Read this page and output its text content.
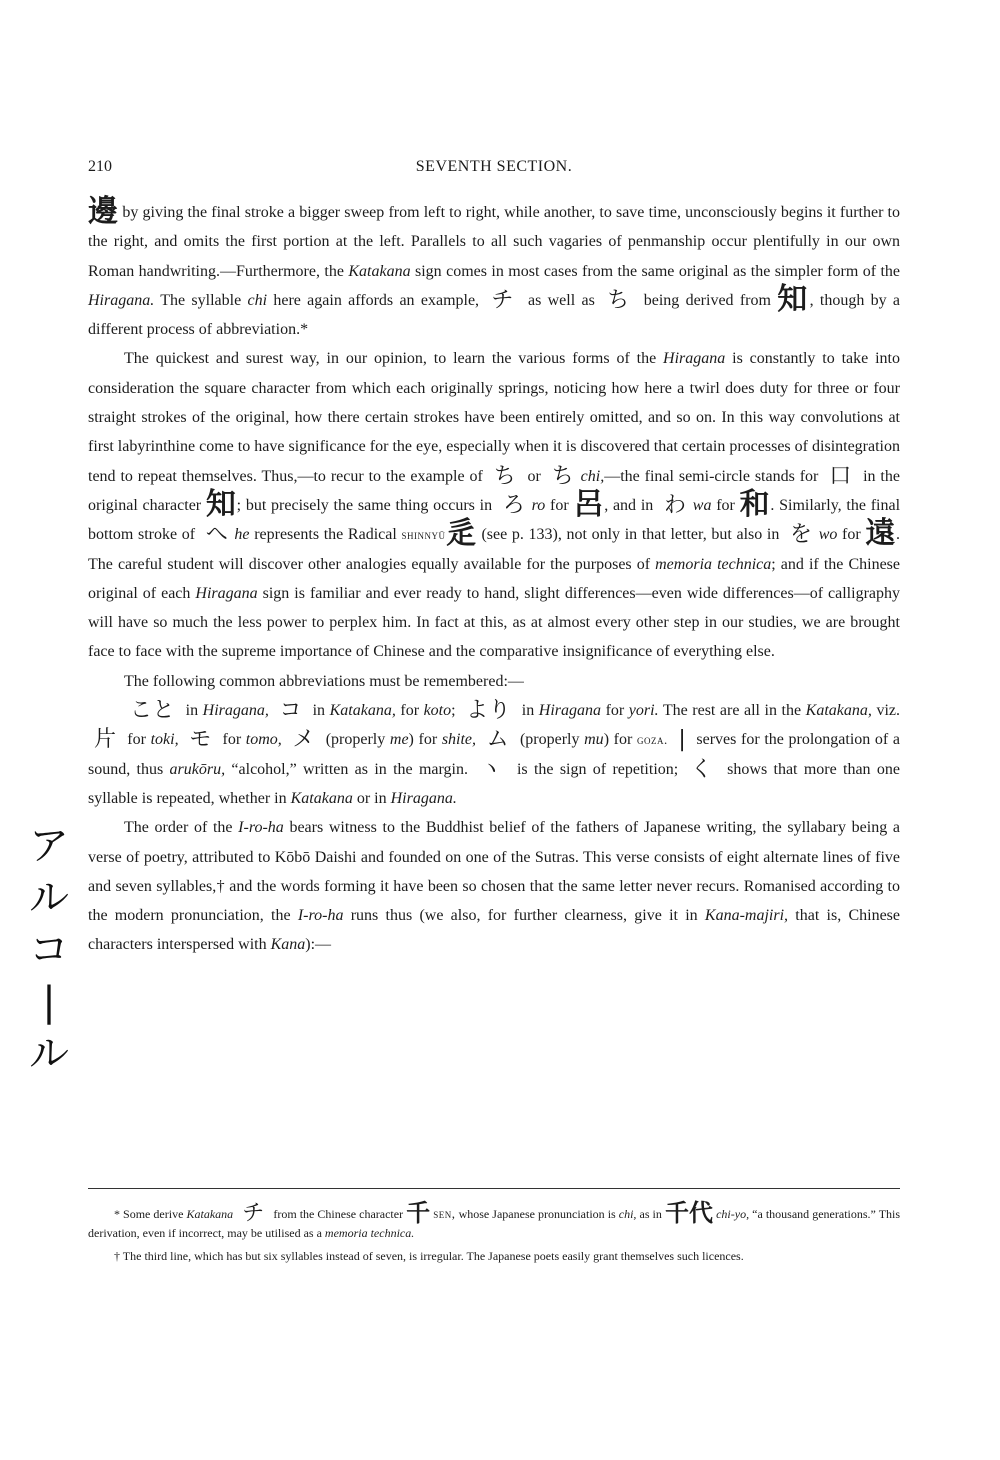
210	SEVENTH SECTION.
ア
ル
コ
|
ル

邊 by giving the final stroke a bigger sweep from left to right, while another, to save time, unconsciously begins it further to the right, and omits the first portion at the left. Parallels to all such vagaries of penmanship occur plentifully in our own Roman handwriting.—Furthermore, the Katakana sign comes in most cases from the same original as the simpler form of the Hiragana. The syllable chi here again affords an example, チ as well as ち being derived from 知, though by a different process of abbreviation.*

The quickest and surest way, in our opinion, to learn the various forms of the Hiragana is constantly to take into consideration the square character from which each originally springs, noticing how here a twirl does duty for three or four straight strokes of the original, how there certain strokes have been entirely omitted, and so on. In this way convolutions at first labyrinthine come to have significance for the eye, especially when it is discovered that certain processes of disintegration tend to repeat themselves. Thus,—to recur to the example of ち or ち chi,—the final semi-circle stands for 口 in the original character 知; but precisely the same thing occurs in ろ ro for 呂, and in わ wa for 和. Similarly, the final bottom stroke of へ he represents the Radical shinnyū辵 (see p. 133), not only in that letter, but also in を wo for 遠. The careful student will discover other analogies equally available for the purposes of memoria technica; and if the Chinese original of each Hiragana sign is familiar and ever ready to hand, slight differences—even wide differences—of calligraphy will have so much the less power to perplex him. In fact at this, as at almost every other step in our studies, we are brought face to face with the supreme importance of Chinese and the comparative insignificance of everything else.

The following common abbreviations must be remembered:—

こと in Hiragana, コ in Katakana, for koto; より in Hiragana for yori. The rest are all in the Katakana, viz. 片 for toki, モ for tomo, メ (properly me) for shite, ム (properly mu) for goza. | serves for the prolongation of a sound, thus arukōru, “alcohol,” written as in the margin. ヽ is the sign of repetition; く shows that more than one syllable is repeated, whether in Katakana or in Hiragana.

The order of the I-ro-ha bears witness to the Buddhist belief of the fathers of Japanese writing, the syllabary being a verse of poetry, attributed to Kōbō Daishi and founded on one of the Sutras. This verse consists of eight alternate lines of five and seven syllables,† and the words forming it have been so chosen that the same letter never recurs. Romanised according to the modern pronunciation, the I-ro-ha runs thus (we also, for further clearness, give it in Kana-majiri, that is, Chinese characters interspersed with Kana):—

* Some derive Katakana チ from the Chinese character 千 sen, whose Japanese pronunciation is chi, as in 千代 chi-yo, “a thousand generations.” This derivation, even if incorrect, may be utilised as a memoria technica.

† The third line, which has but six syllables instead of seven, is irregular. The Japanese poets easily grant themselves such licences.
